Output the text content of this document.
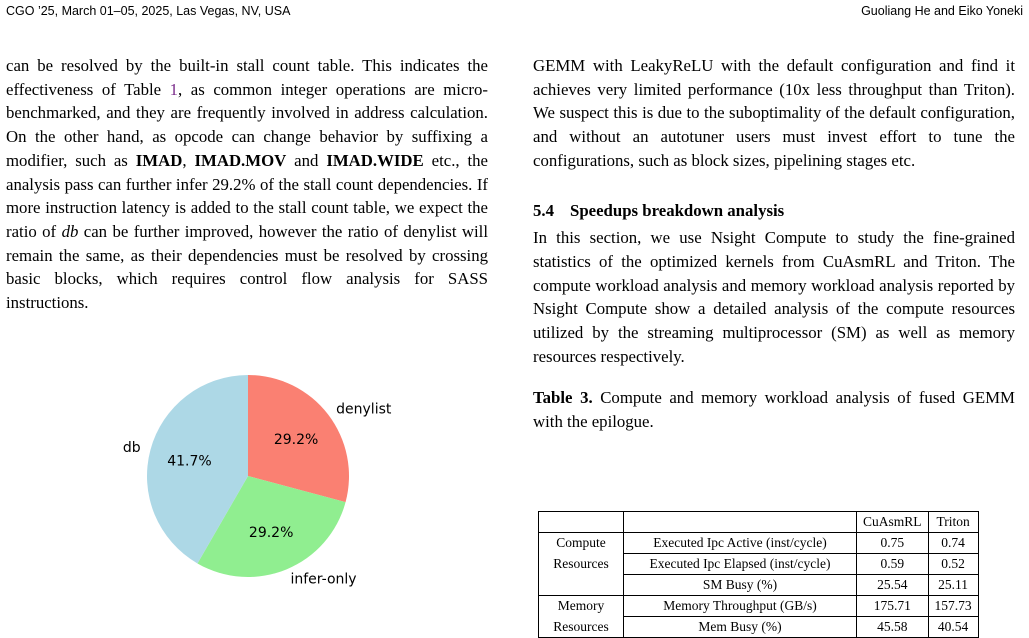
CGO ’25, March 01–05, 2025, Las Vegas, NV, USA	Guoliang He and Eiko Yoneki

can be resolved by the built-in stall count table. This indicates the effectiveness of Table 1, as common integer operations are micro-benchmarked, and they are frequently involved in address calculation. On the other hand, as opcode can change behavior by suffixing a modifier, such as IMAD, IMAD.MOV and IMAD.WIDE etc., the analysis pass can further infer 29.2% of the stall count dependencies. If more instruction latency is added to the stall count table, we expect the ratio of db can be further improved, however the ratio of denylist will remain the same, as their dependencies must be resolved by crossing basic blocks, which requires control flow analysis for SASS instructions.

29.2%
denylist
29.2%
infer-only
41.7%
db

GEMM with LeakyReLU with the default configuration and find it achieves very limited performance (10x less throughput than Triton). We suspect this is due to the suboptimality of the default configuration, and without an autotuner users must invest effort to tune the configurations, such as block sizes, pipelining stages etc.

5.4 Speedups breakdown analysis

In this section, we use Nsight Compute to study the fine-grained statistics of the optimized kernels from CuAsmRL and Triton. The compute workload analysis and memory workload analysis reported by Nsight Compute show a detailed analysis of the compute resources utilized by the streaming multiprocessor (SM) as well as memory resources respectively.

Table 3. Compute and memory workload analysis of fused GEMM with the epilogue.

		CuAsmRL	Triton
Compute	Executed Ipc Active (inst/cycle)	0.75	0.74
Resources	Executed Ipc Elapsed (inst/cycle)	0.59	0.52
	SM Busy (%)	25.54	25.11
Memory	Memory Throughput (GB/s)	175.71	157.73
Resources	Mem Busy (%)	45.58	40.54
